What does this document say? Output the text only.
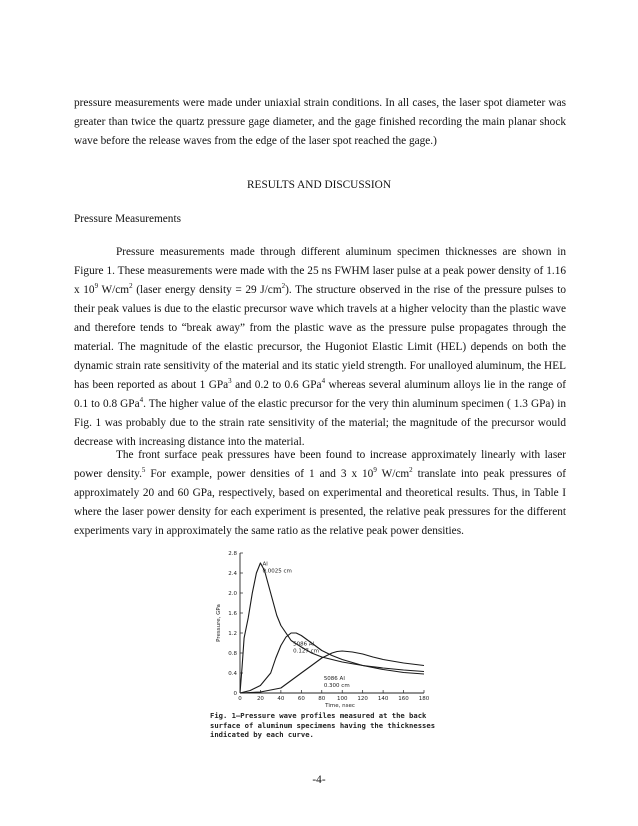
pressure measurements were made under uniaxial strain conditions. In all cases, the laser spot diameter was greater than twice the quartz pressure gage diameter, and the gage finished recording the main planar shock wave before the release waves from the edge of the laser spot reached the gage.)

RESULTS AND DISCUSSION
Pressure Measurements

Pressure measurements made through different aluminum specimen thicknesses are shown in Figure 1. These measurements were made with the 25 ns FWHM laser pulse at a peak power density of 1.16 x $10^9$ $W/cm^2$ (laser energy density = 29 $J/cm^2$). The structure observed in the rise of the pressure pulses to their peak values is due to the elastic precursor wave which travels at a higher velocity than the plastic wave and therefore tends to “break away” from the plastic wave as the pressure pulse propagates through the material. The magnitude of the elastic precursor, the Hugoniot Elastic Limit (HEL) depends on both the dynamic strain rate sensitivity of the material and its static yield strength. For unalloyed aluminum, the HEL has been reported as about 1 GPa$^3$ and 0.2 to 0.6 GPa$^4$ whereas several aluminum alloys lie in the range of 0.1 to 0.8 GPa$^4$. The higher value of the elastic precursor for the very thin aluminum specimen ( 1.3 GPa) in Fig. 1 was probably due to the strain rate sensitivity of the material; the magnitude of the precursor would decrease with increasing distance into the material.

The front surface peak pressures have been found to increase approximately linearly with laser power density.$^5$ For example, power densities of 1 and 3 x $10^9$ $W/cm^2$ translate into peak pressures of approximately 20 and 60 GPa, respectively, based on experimental and theoretical results. Thus, in Table I where the laser power density for each experiment is presented, the relative peak pressures for the different experiments vary in approximately the same ratio as the relative peak power densities.

0
0.4
0.8
1.2
1.6
2.0
2.4
2.8
0	20 40 60 80 100 120 140 160 180
Time, nsec
Pressure, GPa
Al
0.0025 cm
5086 Al
0.127 cm
5086 Al
0.300 cm
Fig. 1—Pressure wave profiles measured at the back surface of aluminum specimens having the thicknesses indicated by each curve.
-4-
